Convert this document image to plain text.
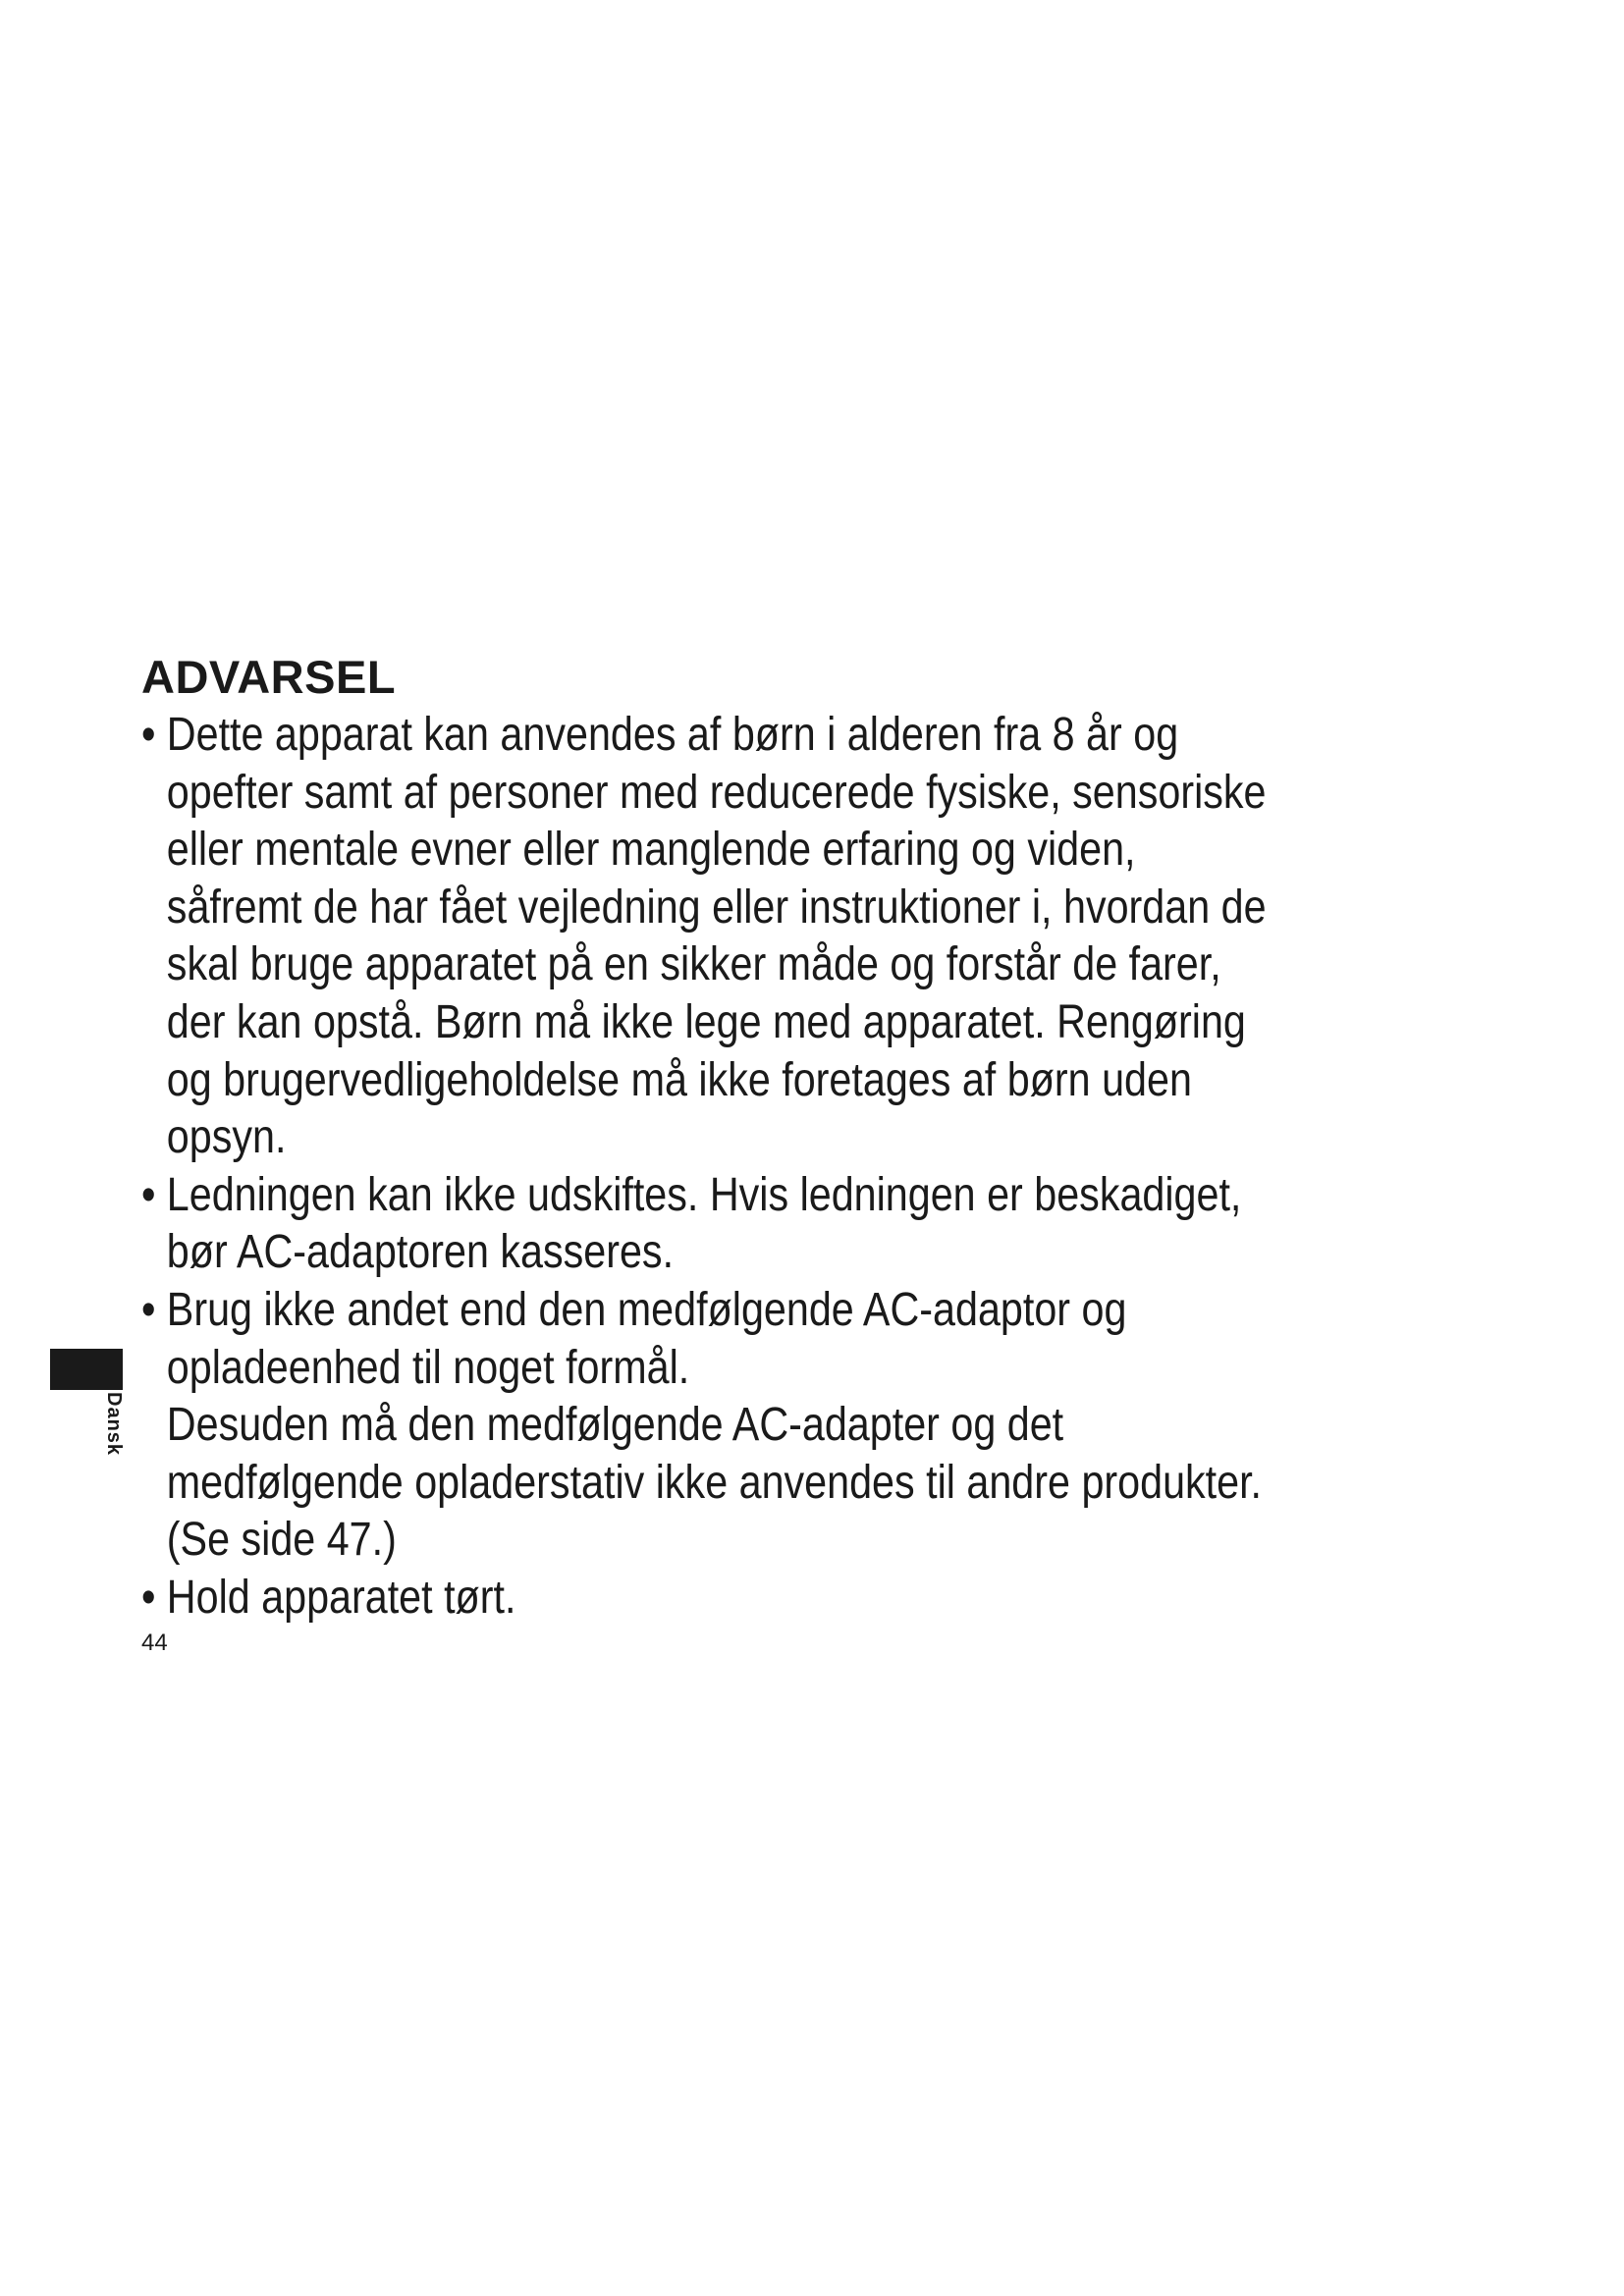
Dansk
ADVARSEL
• Dette apparat kan anvendes af børn i alderen fra 8 år og
opefter samt af personer med reducerede fysiske, sensoriske
eller mentale evner eller manglende erfaring og viden,
såfremt de har fået vejledning eller instruktioner i, hvordan de
skal bruge apparatet på en sikker måde og forstår de farer,
der kan opstå. Børn må ikke lege med apparatet. Rengøring
og brugervedligeholdelse må ikke foretages af børn uden
opsyn.
• Ledningen kan ikke udskiftes. Hvis ledningen er beskadiget,
bør AC-adaptoren kasseres.
• Brug ikke andet end den medfølgende AC-adaptor og
opladeenhed til noget formål.
Desuden må den medfølgende AC-adapter og det
medfølgende opladerstativ ikke anvendes til andre produkter.
(Se side 47.)
• Hold apparatet tørt.
44
